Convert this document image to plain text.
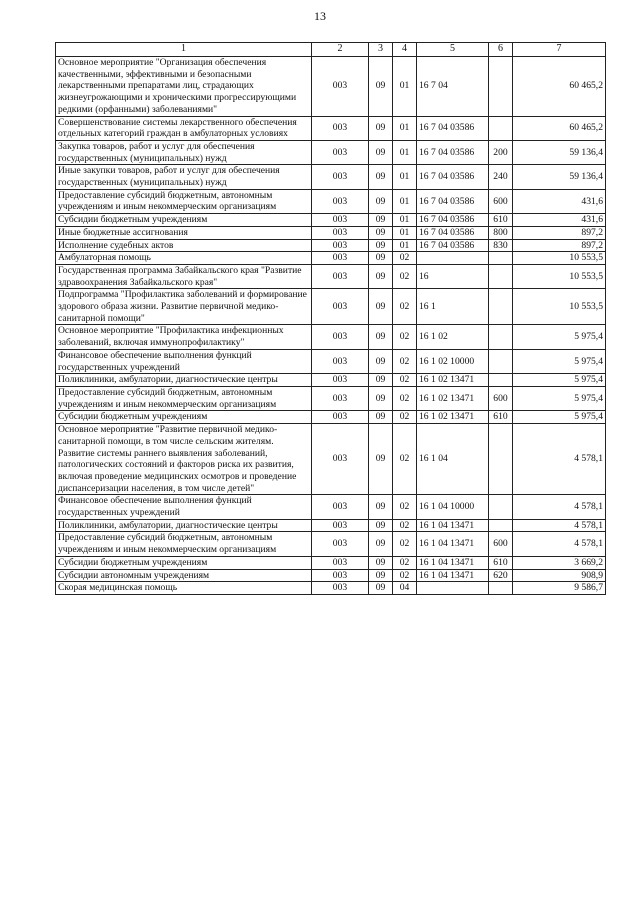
13
1	2	3	4	5	6	7
Основное мероприятие "Организация обеспечения качественными, эффективными и безопасными лекарственными препаратами лиц, страдающих жизнеугрожающими и хроническими прогрессирующими редкими (орфанными) заболеваниями"	003	09	01	16 7 04		60 465,2
Совершенствование системы лекарственного обеспечения отдельных категорий граждан в амбулаторных условиях	003	09	01	16 7 04 03586		60 465,2
Закупка товаров, работ и услуг для обеспечения государственных (муниципальных) нужд	003	09	01	16 7 04 03586	200	59 136,4
Иные закупки товаров, работ и услуг для обеспечения государственных (муниципальных) нужд	003	09	01	16 7 04 03586	240	59 136,4
Предоставление субсидий бюджетным, автономным учреждениям и иным некоммерческим организациям	003	09	01	16 7 04 03586	600	431,6
Субсидии бюджетным учреждениям	003	09	01	16 7 04 03586	610	431,6
Иные бюджетные ассигнования	003	09	01	16 7 04 03586	800	897,2
Исполнение судебных актов	003	09	01	16 7 04 03586	830	897,2
Амбулаторная помощь	003	09	02			10 553,5
Государственная программа Забайкальского края "Развитие здравоохранения Забайкальского края"	003	09	02	16		10 553,5
Подпрограмма "Профилактика заболеваний и формирование здорового образа жизни. Развитие первичной медико-санитарной помощи"	003	09	02	16 1		10 553,5
Основное мероприятие "Профилактика инфекционных заболеваний, включая иммунопрофилактику"	003	09	02	16 1 02		5 975,4
Финансовое обеспечение выполнения функций государственных учреждений	003	09	02	16 1 02 10000		5 975,4
Поликлиники, амбулатории, диагностические центры	003	09	02	16 1 02 13471		5 975,4
Предоставление субсидий бюджетным, автономным учреждениям и иным некоммерческим организациям	003	09	02	16 1 02 13471	600	5 975,4
Субсидии бюджетным учреждениям	003	09	02	16 1 02 13471	610	5 975,4
Основное мероприятие "Развитие первичной медико-санитарной помощи, в том числе сельским жителям. Развитие системы раннего выявления заболеваний, патологических состояний и факторов риска их развития, включая проведение медицинских осмотров и проведение диспансеризации населения, в том числе детей"	003	09	02	16 1 04		4 578,1
Финансовое обеспечение выполнения функций государственных учреждений	003	09	02	16 1 04 10000		4 578,1
Поликлиники, амбулатории, диагностические центры	003	09	02	16 1 04 13471		4 578,1
Предоставление субсидий бюджетным, автономным учреждениям и иным некоммерческим организациям	003	09	02	16 1 04 13471	600	4 578,1
Субсидии бюджетным учреждениям	003	09	02	16 1 04 13471	610	3 669,2
Субсидии автономным учреждениям	003	09	02	16 1 04 13471	620	908,9
Скорая медицинская помощь	003	09	04			9 586,7
